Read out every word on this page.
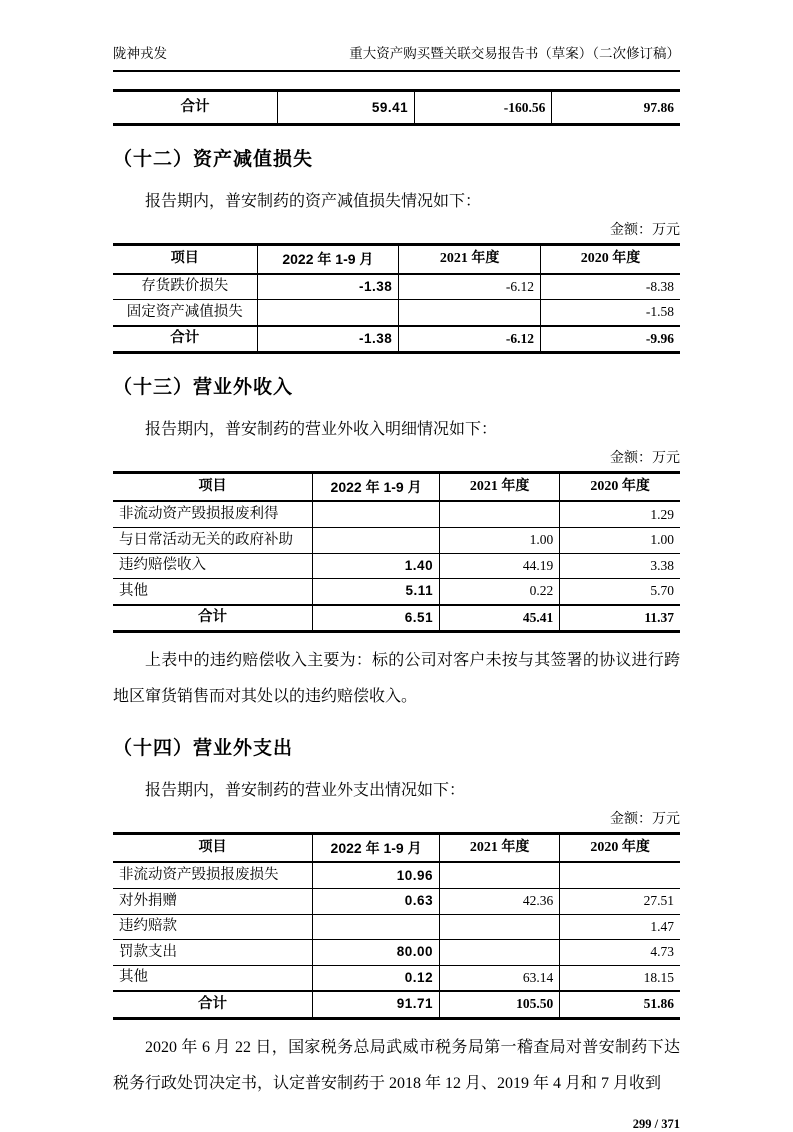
陇神戎发	重大资产购买暨关联交易报告书（草案）（二次修订稿）
合计	59.41	-160.56	97.86
（十二）资产减值损失

报告期内，普安制药的资产减值损失情况如下：

金额：万元
项目	2022 年 1-9 月	2021 年度	2020 年度
存货跌价损失	-1.38	-6.12	-8.38
固定资产减值损失			-1.58
合计	-1.38	-6.12	-9.96
（十三）营业外收入

报告期内，普安制药的营业外收入明细情况如下：

金额：万元
项目	2022 年 1-9 月	2021 年度	2020 年度
非流动资产毁损报废利得			1.29
与日常活动无关的政府补助		1.00	1.00
违约赔偿收入	1.40	44.19	3.38
其他	5.11	0.22	5.70
合计	6.51	45.41	11.37

上表中的违约赔偿收入主要为：标的公司对客户未按与其签署的协议进行跨地区窜货销售而对其处以的违约赔偿收入。

（十四）营业外支出

报告期内，普安制药的营业外支出情况如下：

金额：万元
项目	2022 年 1-9 月	2021 年度	2020 年度
非流动资产毁损报废损失	10.96		
对外捐赠	0.63	42.36	27.51
违约赔款			1.47
罚款支出	80.00		4.73
其他	0.12	63.14	18.15
合计	91.71	105.50	51.86

2020 年 6 月 22 日，国家税务总局武威市税务局第一稽查局对普安制药下达税务行政处罚决定书，认定普安制药于 2018 年 12 月、2019 年 4 月和 7 月收到

299 / 371
